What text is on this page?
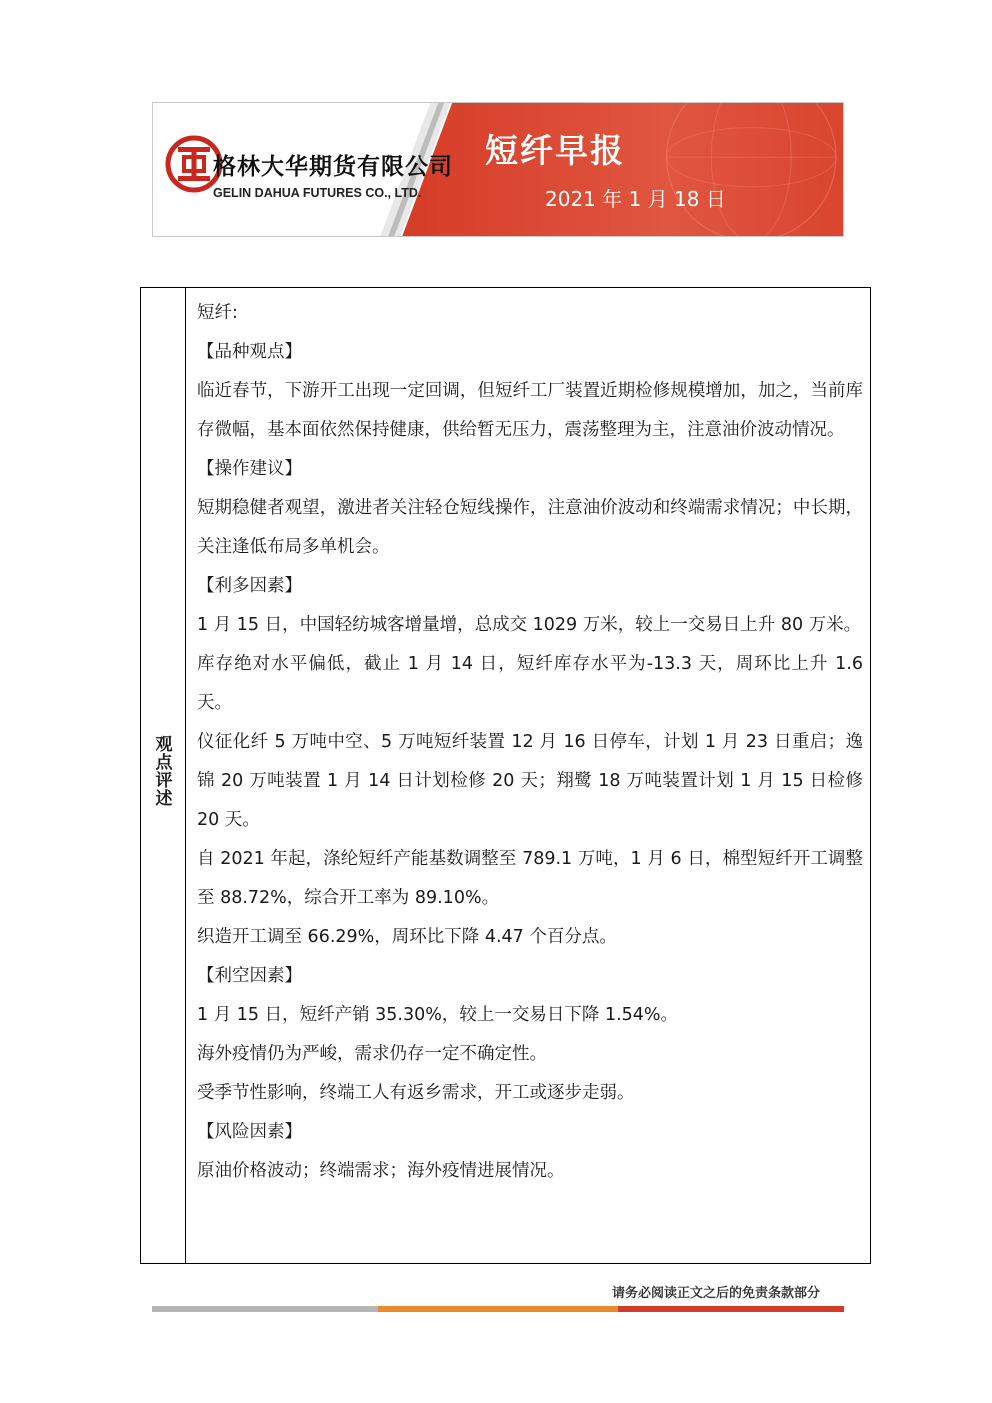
格林大华期货有限公司
GELIN DAHUA FUTURES CO., LTD.
短纤早报
2021 年 1 月 18 日
观点评述

短纤:

【品种观点】

临近春节，下游开工出现一定回调，但短纤工厂装置近期检修规模增加，加之，当前库存微幅，基本面依然保持健康，供给暂无压力，震荡整理为主，注意油价波动情况。

【操作建议】

短期稳健者观望，激进者关注轻仓短线操作，注意油价波动和终端需求情况；中长期，关注逢低布局多单机会。

【利多因素】

1 月 15 日，中国轻纺城客增量增，总成交 1029 万米，较上一交易日上升 80 万米。

库存绝对水平偏低，截止 1 月 14 日，短纤库存水平为-13.3 天，周环比上升 1.6 天。

仪征化纤 5 万吨中空、5 万吨短纤装置 12 月 16 日停车，计划 1 月 23 日重启；逸锦 20 万吨装置 1 月 14 日计划检修 20 天；翔鹭 18 万吨装置计划 1 月 15 日检修 20 天。

自 2021 年起，涤纶短纤产能基数调整至 789.1 万吨，1 月 6 日，棉型短纤开工调整至 88.72%，综合开工率为 89.10%。

织造开工调至 66.29%，周环比下降 4.47 个百分点。

【利空因素】

1 月 15 日，短纤产销 35.30%，较上一交易日下降 1.54%。

海外疫情仍为严峻，需求仍存一定不确定性。

受季节性影响，终端工人有返乡需求，开工或逐步走弱。

【风险因素】

原油价格波动；终端需求；海外疫情进展情况。

请务必阅读正文之后的免责条款部分
